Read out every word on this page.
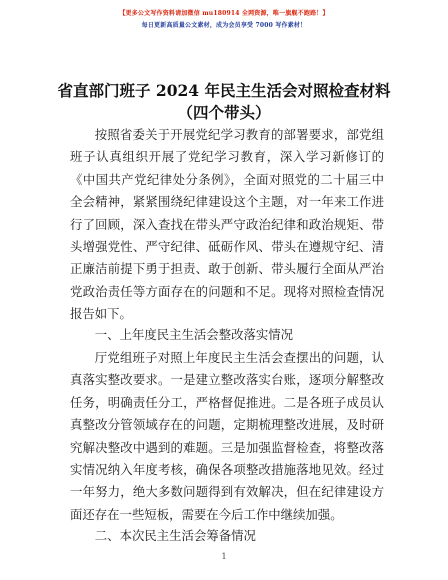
【更多公文写作资料请加微信 mu180914 全网资源，唯一旗舰不跑路！】
每日更新高质量公文素材，成为会员享受 7000 写作素材！
省直部门班子 2024 年民主生活会对照检查材料
（四个带头）
按照省委关于开展党纪学习教育的部署要求，部党组班子认真组织开展了党纪学习教育，深入学习新修订的《中国共产党纪律处分条例》，全面对照党的二十届三中全会精神，紧紧围绕纪律建设这个主题，对一年来工作进行了回顾，深入查找在带头严守政治纪律和政治规矩、带头增强党性、严守纪律、砥砺作风、带头在遵规守纪、清正廉洁前提下勇于担责、敢于创新、带头履行全面从严治党政治责任等方面存在的问题和不足。现将对照检查情况报告如下。
一、上年度民主生活会整改落实情况
厅党组班子对照上年度民主生活会查摆出的问题，认真落实整改要求。一是建立整改落实台账，逐项分解整改任务，明确责任分工，严格督促推进。二是各班子成员认真整改分管领域存在的问题，定期梳理整改进展，及时研究解决整改中遇到的难题。三是加强监督检查，将整改落实情况纳入年度考核，确保各项整改措施落地见效。经过一年努力，绝大多数问题得到有效解决，但在纪律建设方面还存在一些短板，需要在今后工作中继续加强。
二、本次民主生活会筹备情况
1
